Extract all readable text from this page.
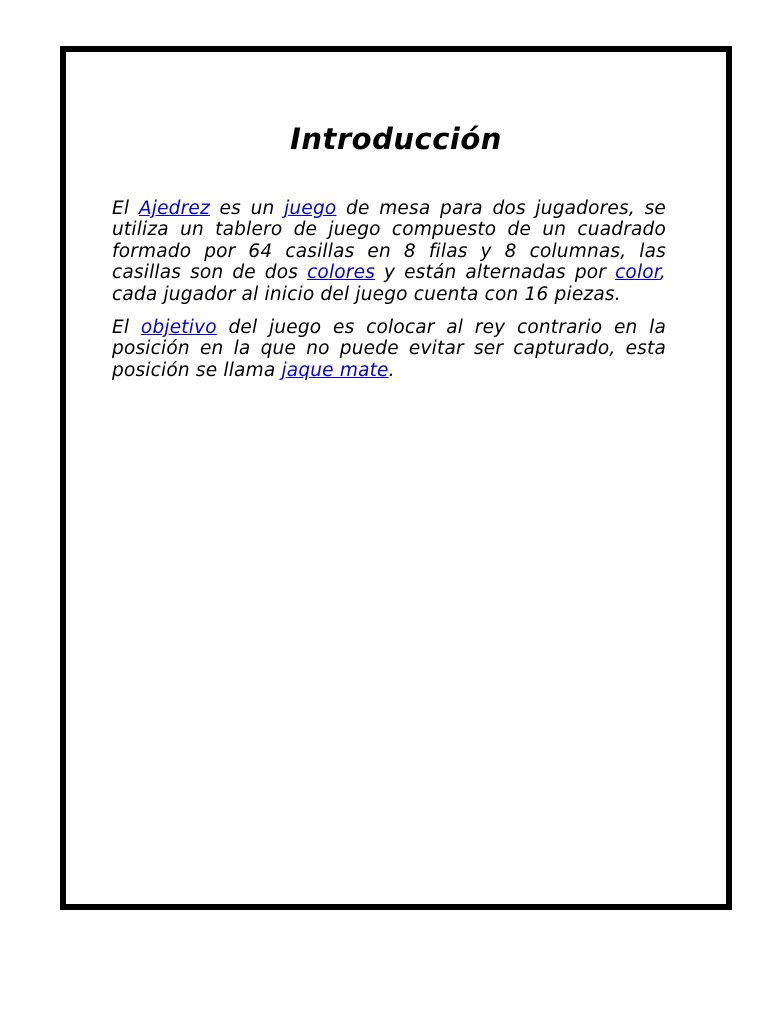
Introducción

El Ajedrez es un juego de mesa para dos jugadores, se utiliza un tablero de juego compuesto de un cuadrado formado por 64 casillas en 8 filas y 8 columnas, las casillas son de dos colores y están alternadas por color, cada jugador al inicio del juego cuenta con 16 piezas.

El objetivo del juego es colocar al rey contrario en la posición en la que no puede evitar ser capturado, esta posición se llama jaque mate.
